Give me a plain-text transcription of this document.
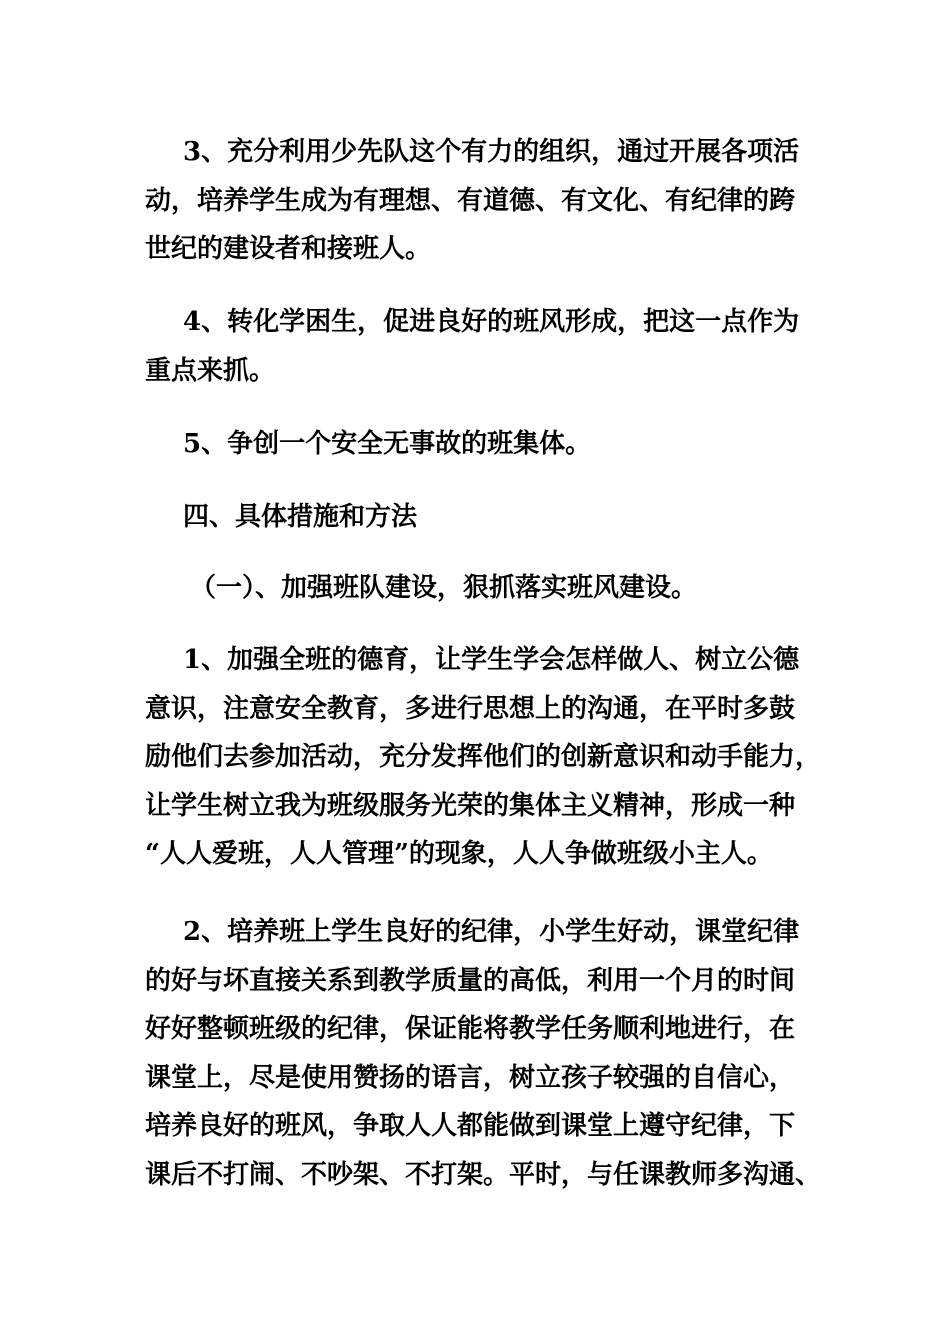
3、充分利用少先队这个有力的组织，通过开展各项活
动，培养学生成为有理想、有道德、有文化、有纪律的跨
世纪的建设者和接班人。

4、转化学困生，促进良好的班风形成，把这一点作为
重点来抓。

5、争创一个安全无事故的班集体。

四、具体措施和方法

（一）、加强班队建设，狠抓落实班风建设。

1、加强全班的德育，让学生学会怎样做人、树立公德
意识，注意安全教育，多进行思想上的沟通，在平时多鼓
励他们去参加活动，充分发挥他们的创新意识和动手能力，
让学生树立我为班级服务光荣的集体主义精神，形成一种
“人人爱班，人人管理”的现象，人人争做班级小主人。

2、培养班上学生良好的纪律，小学生好动，课堂纪律
的好与坏直接关系到教学质量的高低，利用一个月的时间
好好整顿班级的纪律，保证能将教学任务顺利地进行，在
课堂上，尽是使用赞扬的语言，树立孩子较强的自信心，
培养良好的班风，争取人人都能做到课堂上遵守纪律，下
课后不打闹、不吵架、不打架。平时，与任课教师多沟通、
